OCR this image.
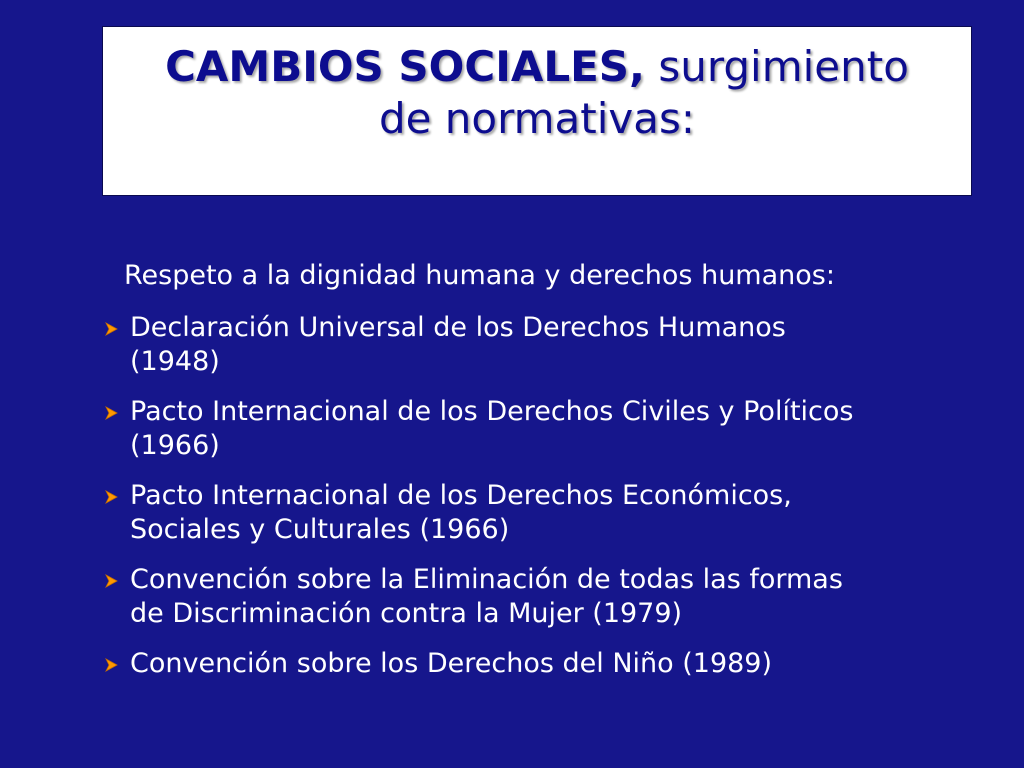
CAMBIOS SOCIALES, surgimiento

de normativas:

Respeto a la dignidad humana y derechos humanos:
Declaración Universal de los Derechos Humanos
(1948)
Pacto Internacional de los Derechos Civiles y Políticos
(1966)
Pacto Internacional de los Derechos Económicos,
Sociales y Culturales (1966)
Convención sobre la Eliminación de todas las formas
de Discriminación contra la Mujer (1979)
Convención sobre los Derechos del Niño (1989)
